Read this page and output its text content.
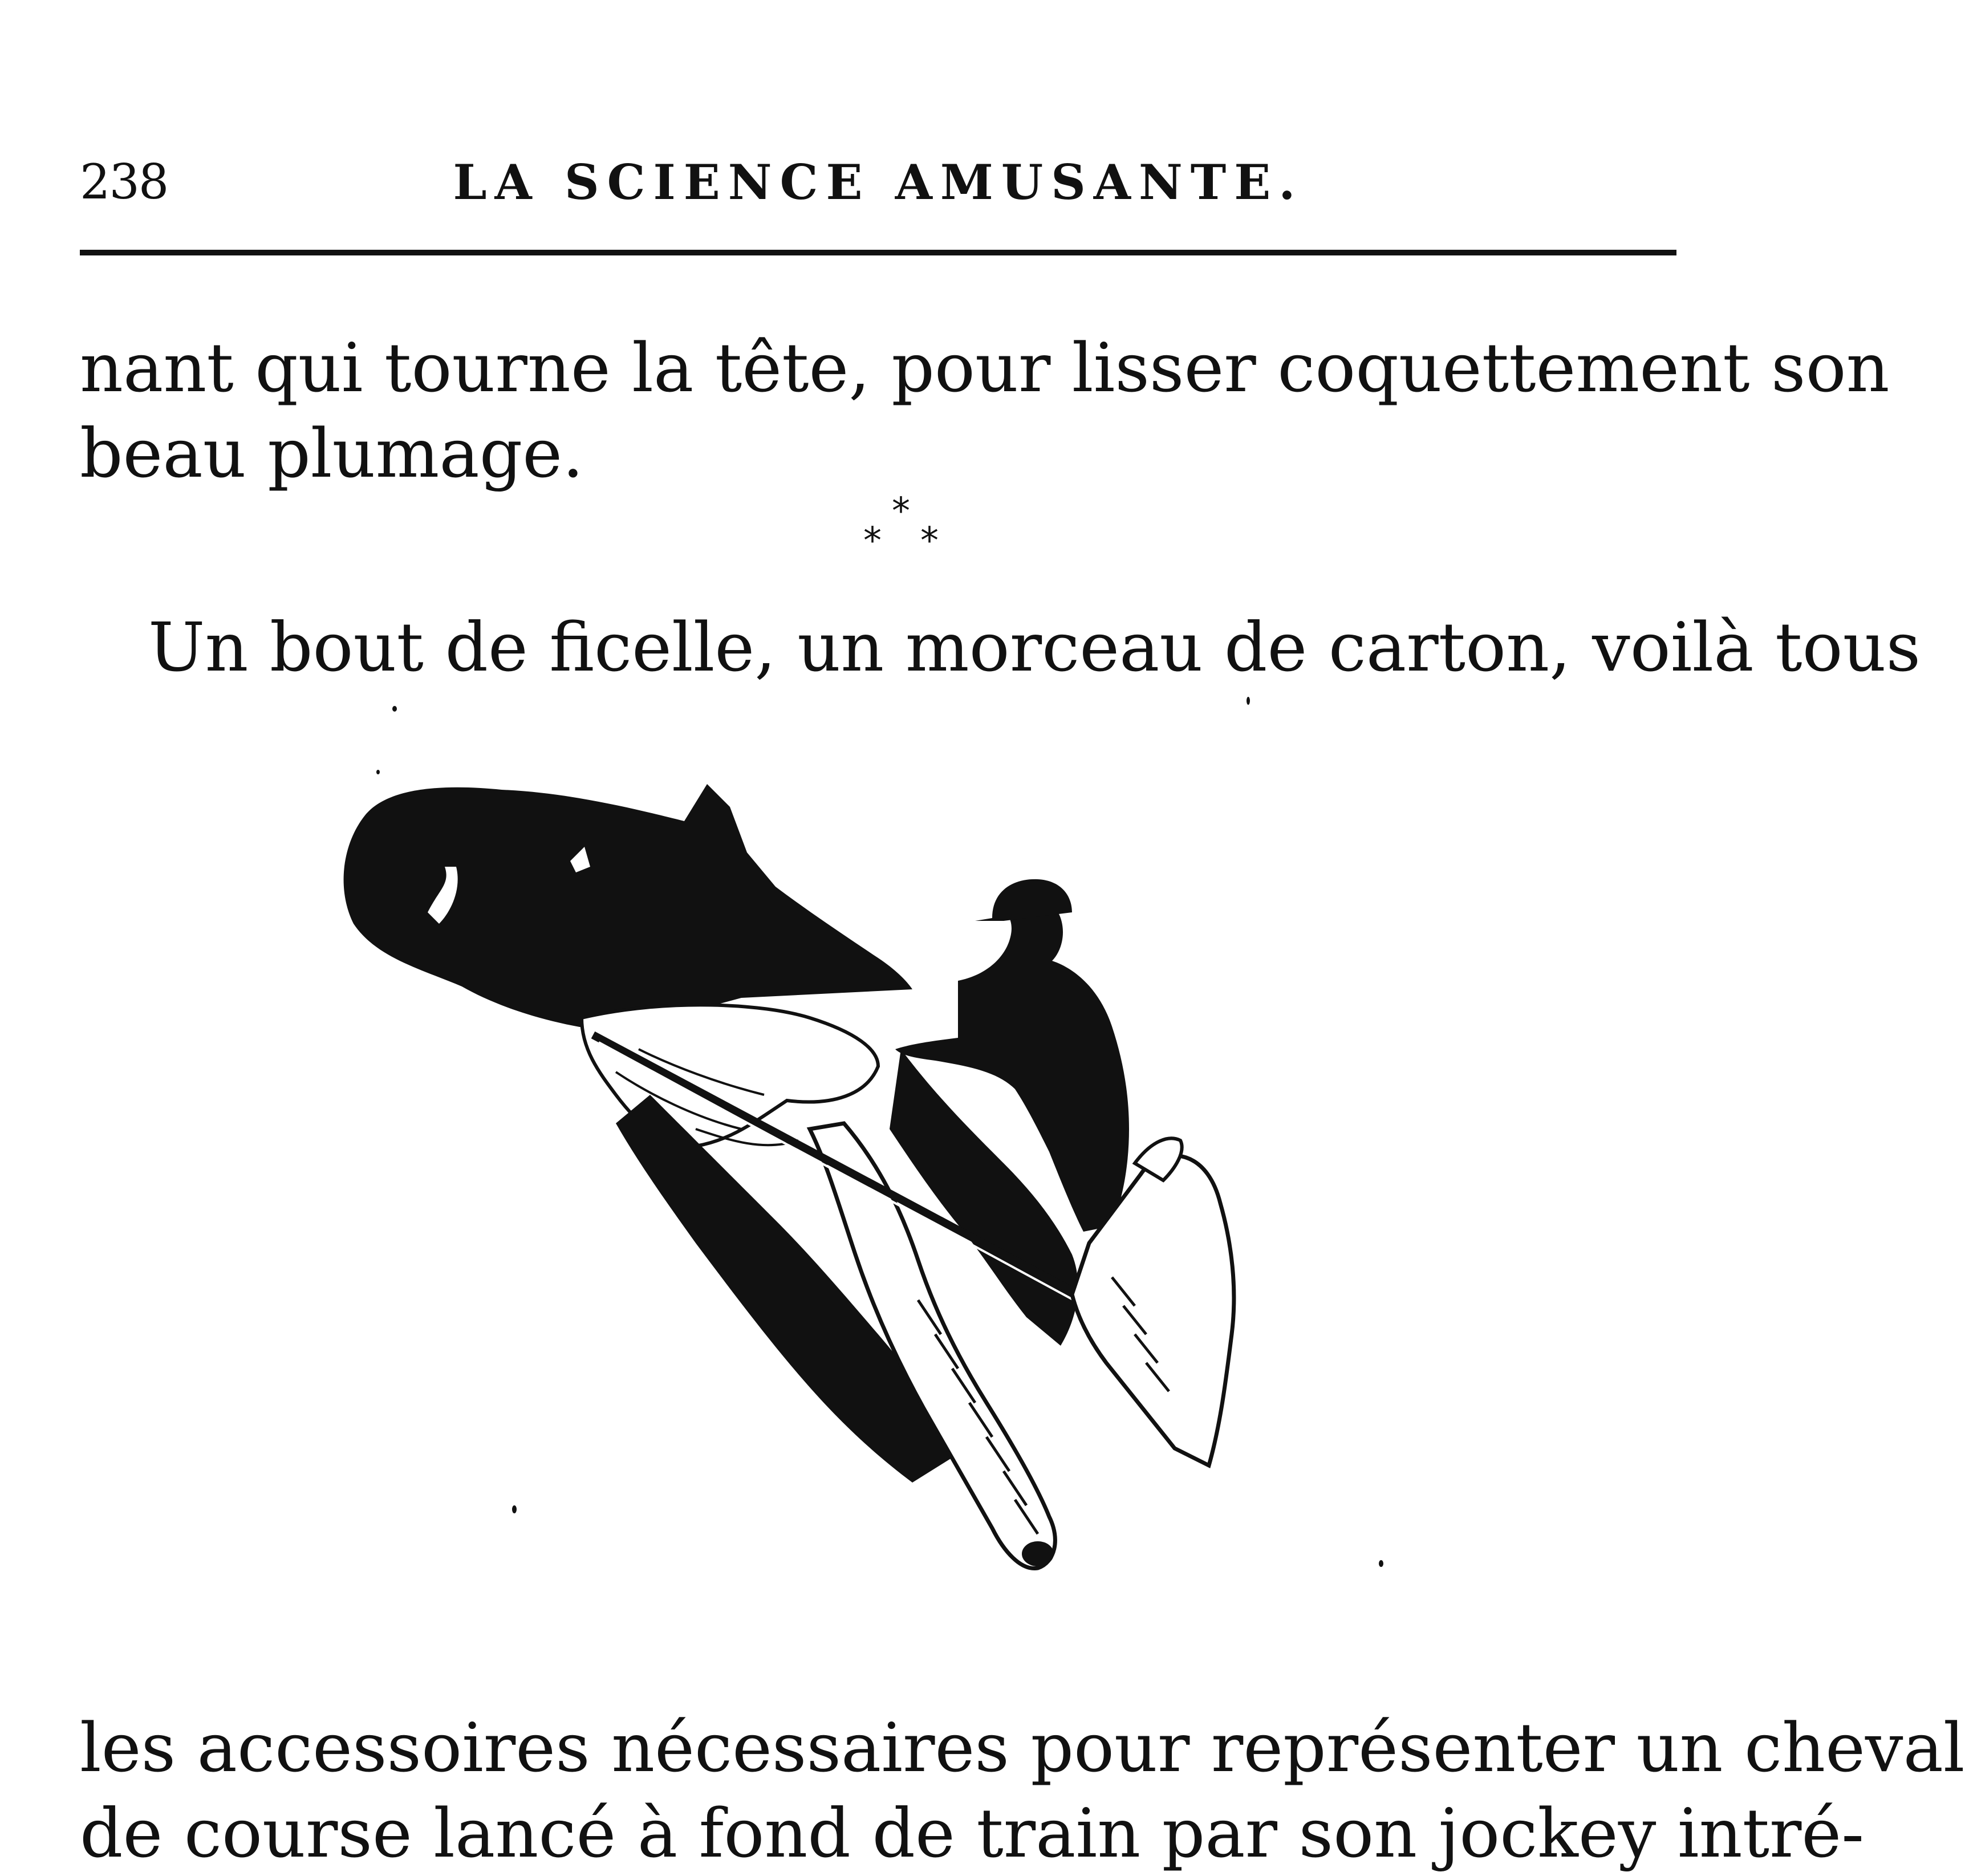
238	LA SCIENCE AMUSANTE.
nant qui tourne la tête, pour lisser coquettement son
beau plumage.
*
* *
Un bout de ficelle, un morceau de carton, voilà tous
les accessoires nécessaires pour représenter un cheval
de course lancé à fond de train par son jockey intré-
